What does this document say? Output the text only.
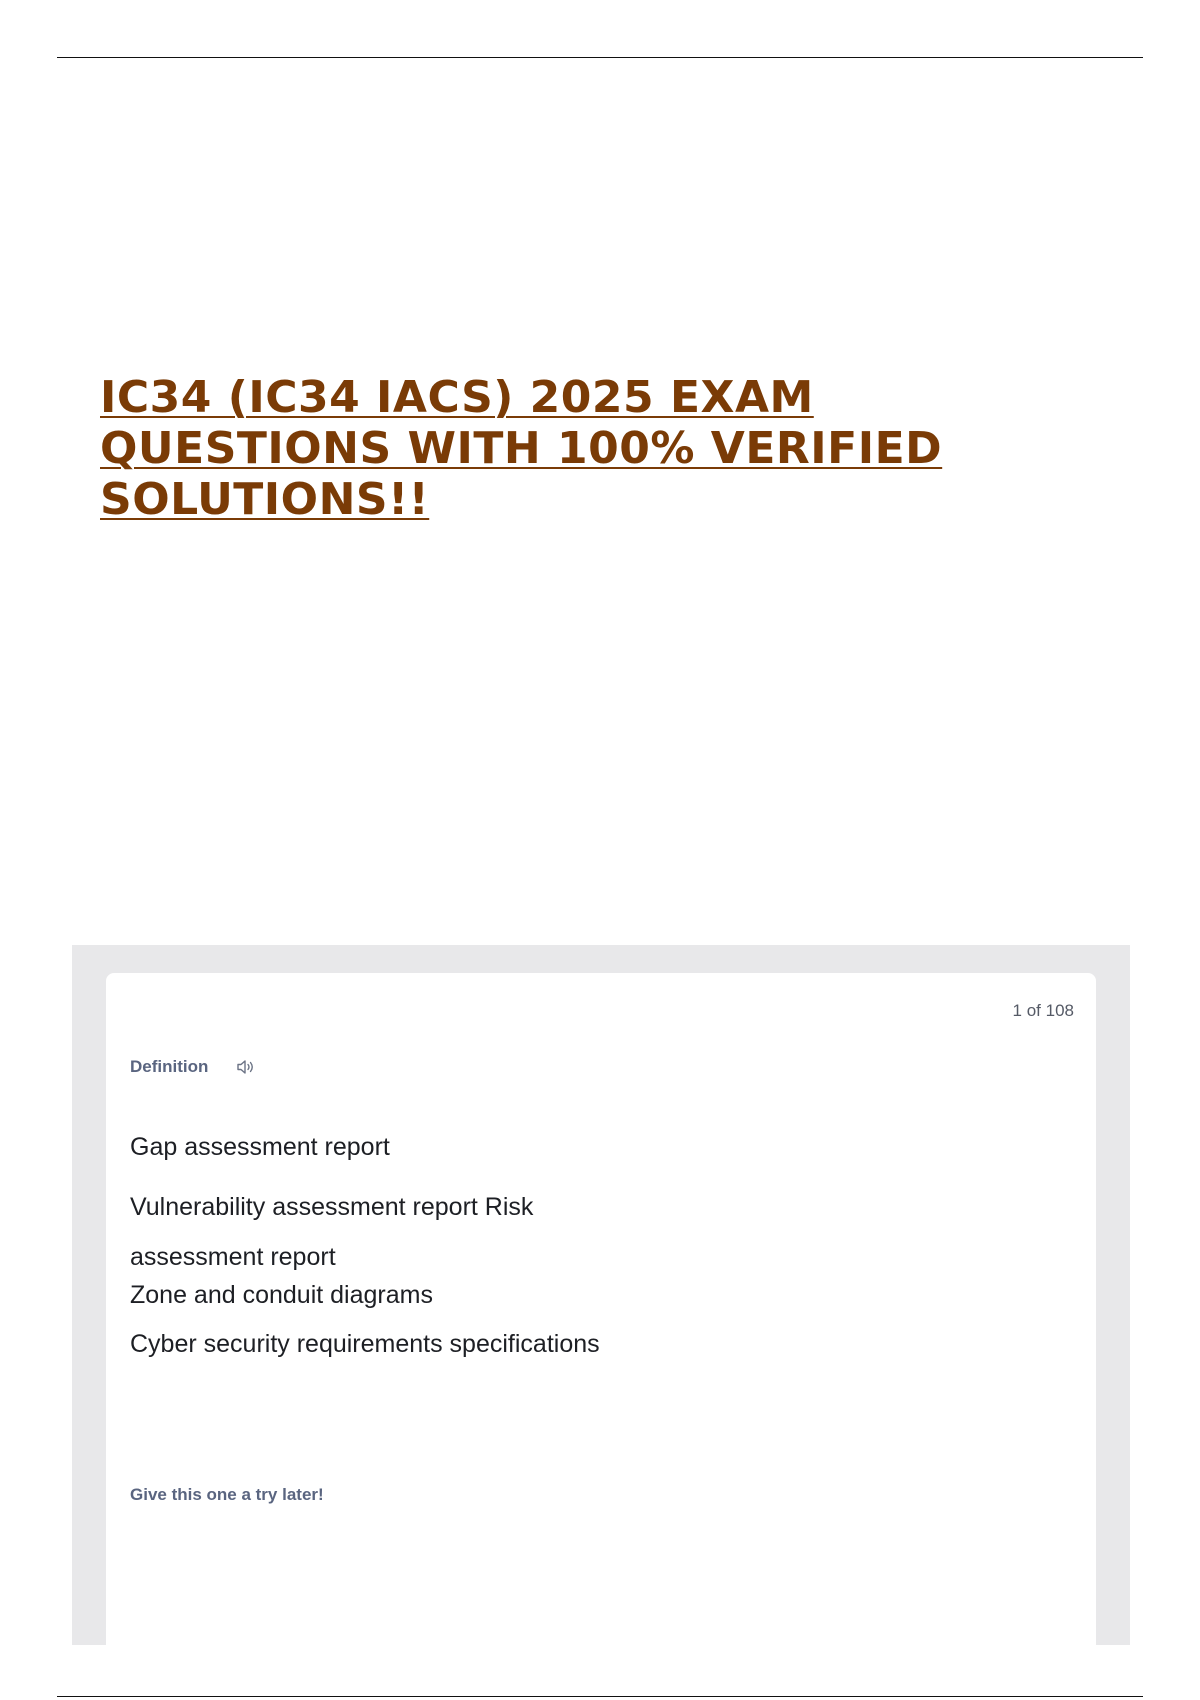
IC34 (IC34 IACS) 2025 EXAM
QUESTIONS WITH 100% VERIFIED
SOLUTIONS!!
1 of 108
Definition
Gap assessment report
Vulnerability assessment report Risk
assessment report
Zone and conduit diagrams
Cyber security requirements specifications
Give this one a try later!
